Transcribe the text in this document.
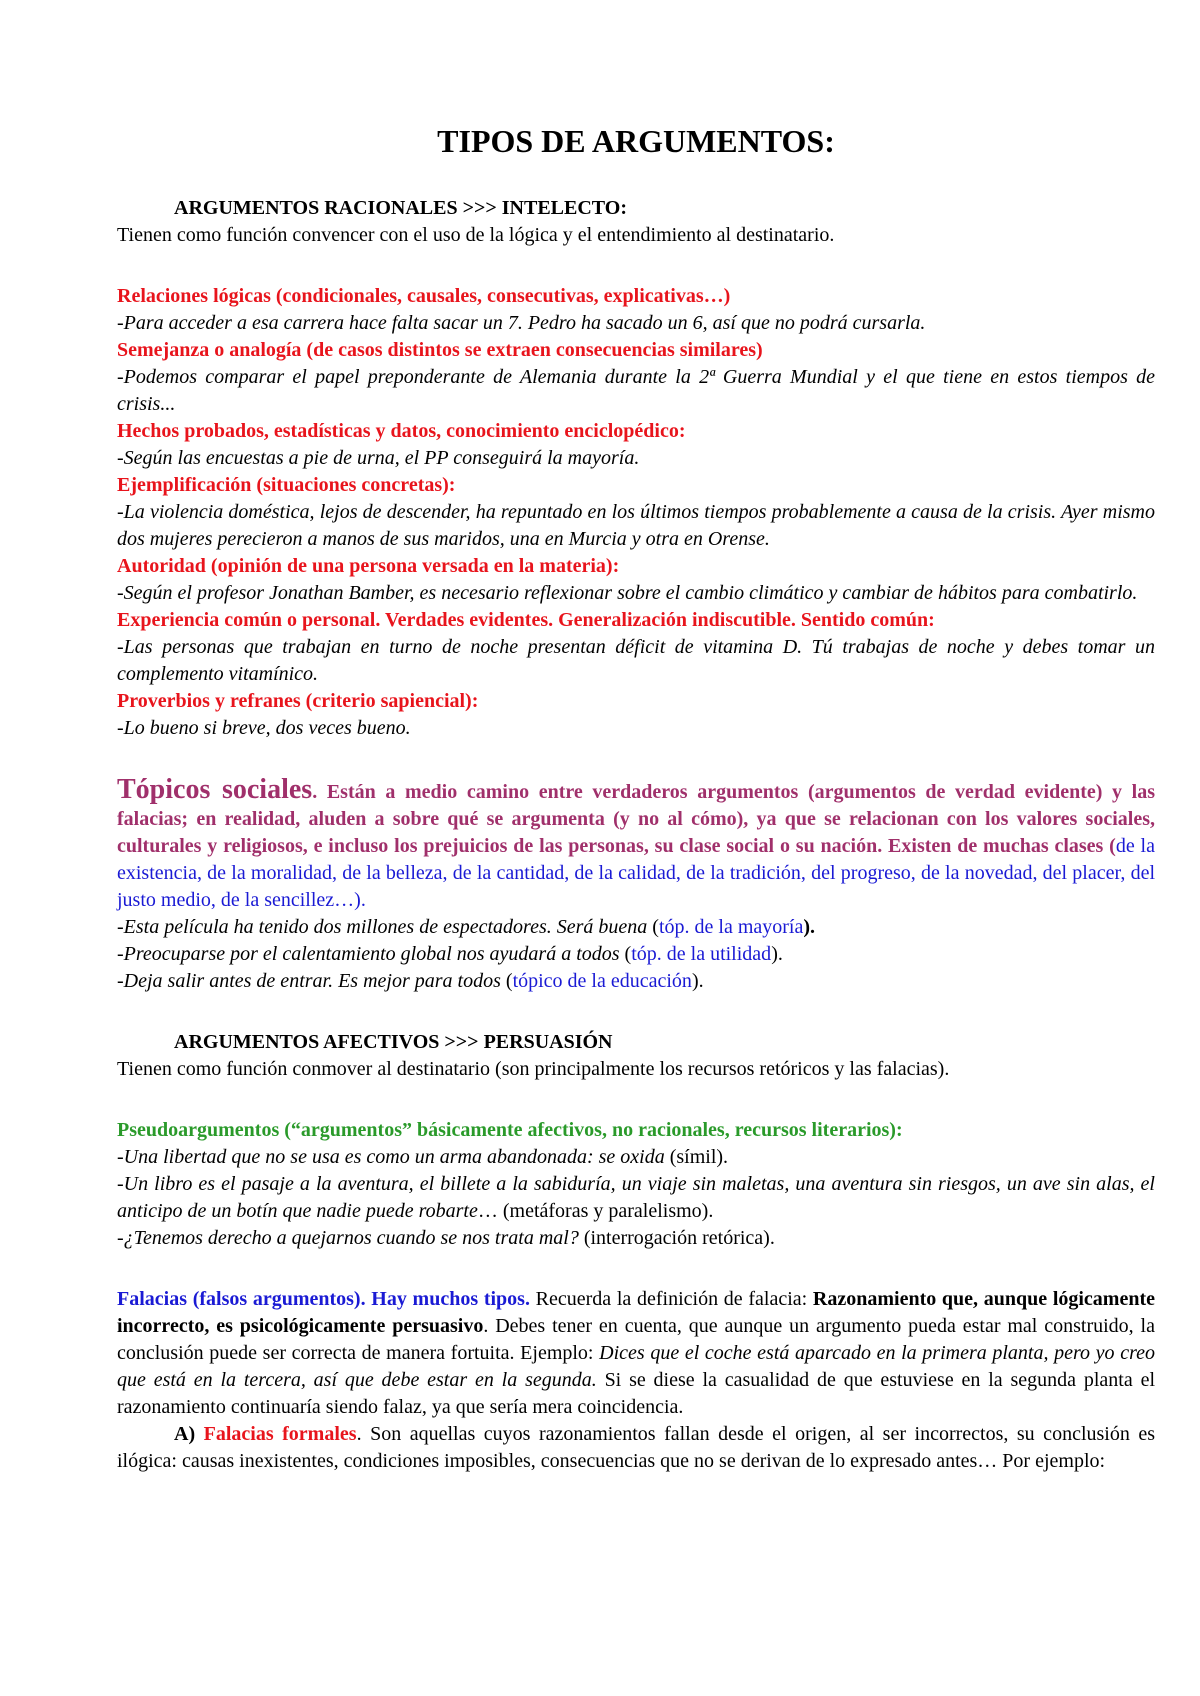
TIPOS DE ARGUMENTOS:

ARGUMENTOS RACIONALES >>> INTELECTO:

Tienen como función convencer con el uso de la lógica y el entendimiento al destinatario.

Relaciones lógicas (condicionales, causales, consecutivas, explicativas…)

-Para acceder a esa carrera hace falta sacar un 7. Pedro ha sacado un 6, así que no podrá cursarla.

Semejanza o analogía (de casos distintos se extraen consecuencias similares)

-Podemos comparar el papel preponderante de Alemania durante la 2ª Guerra Mundial y el que tiene en estos tiempos de crisis...

Hechos probados, estadísticas y datos, conocimiento enciclopédico:

-Según las encuestas a pie de urna, el PP conseguirá la mayoría.

Ejemplificación (situaciones concretas):

-La violencia doméstica, lejos de descender, ha repuntado en los últimos tiempos probablemente a causa de la crisis. Ayer mismo dos mujeres perecieron a manos de sus maridos, una en Murcia y otra en Orense.

Autoridad (opinión de una persona versada en la materia):

-Según el profesor Jonathan Bamber, es necesario reflexionar sobre el cambio climático y cambiar de hábitos para combatirlo.

Experiencia común o personal. Verdades evidentes. Generalización indiscutible. Sentido común:

-Las personas que trabajan en turno de noche presentan déficit de vitamina D. Tú trabajas de noche y debes tomar un complemento vitamínico.

Proverbios y refranes (criterio sapiencial):

-Lo bueno si breve, dos veces bueno.

Tópicos sociales. Están a medio camino entre verdaderos argumentos (argumentos de verdad evidente) y las falacias; en realidad, aluden a sobre qué se argumenta (y no al cómo), ya que se relacionan con los valores sociales, culturales y religiosos, e incluso los prejuicios de las personas, su clase social o su nación. Existen de muchas clases (de la existencia, de la moralidad, de la belleza, de la cantidad, de la calidad, de la tradición, del progreso, de la novedad, del placer, del justo medio, de la sencillez…).

-Esta película ha tenido dos millones de espectadores. Será buena (tóp. de la mayoría).

-Preocuparse por el calentamiento global nos ayudará a todos (tóp. de la utilidad).

-Deja salir antes de entrar. Es mejor para todos (tópico de la educación).

ARGUMENTOS AFECTIVOS >>> PERSUASIÓN

Tienen como función conmover al destinatario (son principalmente los recursos retóricos y las falacias).

Pseudoargumentos (“argumentos” básicamente afectivos, no racionales, recursos literarios):

-Una libertad que no se usa es como un arma abandonada: se oxida (símil).

-Un libro es el pasaje a la aventura, el billete a la sabiduría, un viaje sin maletas, una aventura sin riesgos, un ave sin alas, el anticipo de un botín que nadie puede robarte… (metáforas y paralelismo).

-¿Tenemos derecho a quejarnos cuando se nos trata mal? (interrogación retórica).

Falacias (falsos argumentos). Hay muchos tipos. Recuerda la definición de falacia: Razonamiento que, aunque lógicamente incorrecto, es psicológicamente persuasivo. Debes tener en cuenta, que aunque un argumento pueda estar mal construido, la conclusión puede ser correcta de manera fortuita. Ejemplo: Dices que el coche está aparcado en la primera planta, pero yo creo que está en la tercera, así que debe estar en la segunda. Si se diese la casualidad de que estuviese en la segunda planta el razonamiento continuaría siendo falaz, ya que sería mera coincidencia.

A) Falacias formales. Son aquellas cuyos razonamientos fallan desde el origen, al ser incorrectos, su conclusión es ilógica: causas inexistentes, condiciones imposibles, consecuencias que no se derivan de lo expresado antes… Por ejemplo:
